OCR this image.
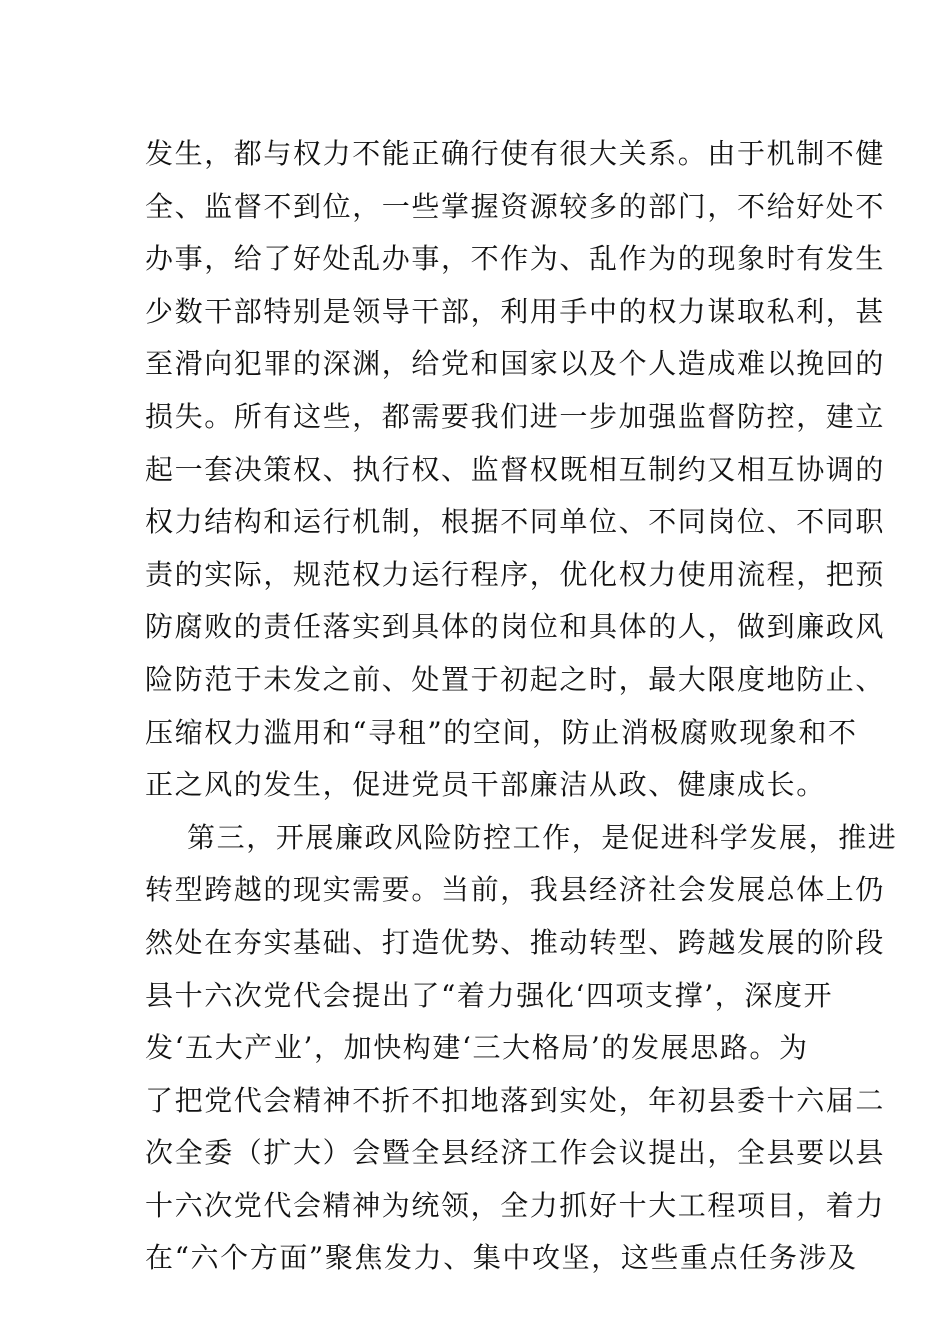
发生，都与权力不能正确行使有很大关系。由于机制不健
全、监督不到位，一些掌握资源较多的部门，不给好处不
办事，给了好处乱办事，不作为、乱作为的现象时有发生
少数干部特别是领导干部，利用手中的权力谋取私利，甚
至滑向犯罪的深渊，给党和国家以及个人造成难以挽回的
损失。所有这些，都需要我们进一步加强监督防控，建立
起一套决策权、执行权、监督权既相互制约又相互协调的
权力结构和运行机制，根据不同单位、不同岗位、不同职
责的实际，规范权力运行程序，优化权力使用流程，把预
防腐败的责任落实到具体的岗位和具体的人，做到廉政风
险防范于未发之前、处置于初起之时，最大限度地防止、
压缩权力滥用和“寻租”的空间，防止消极腐败现象和不
正之风的发生，促进党员干部廉洁从政、健康成长。
第三，开展廉政风险防控工作，是促进科学发展，推进
转型跨越的现实需要。当前，我县经济社会发展总体上仍
然处在夯实基础、打造优势、推动转型、跨越发展的阶段
县十六次党代会提出了“着力强化‘四项支撑’，深度开
发‘五大产业’，加快构建‘三大格局’的发展思路。为
了把党代会精神不折不扣地落到实处，年初县委十六届二
次全委（扩大）会暨全县经济工作会议提出，全县要以县
十六次党代会精神为统领，全力抓好十大工程项目，着力
在“六个方面”聚焦发力、集中攻坚，这些重点任务涉及
